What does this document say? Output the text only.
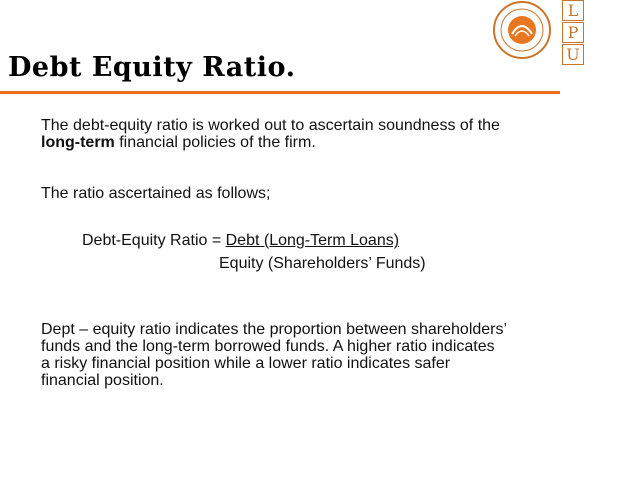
L
P
U
Debt Equity Ratio.
The debt-equity ratio is worked out to ascertain soundness of the
long-term financial policies of the firm.
The ratio ascertained as follows;
Debt-Equity Ratio = Debt (Long-Term Loans)
Equity (Shareholders’ Funds)
Dept – equity ratio indicates the proportion between shareholders’
funds and the long-term borrowed funds. A higher ratio indicates
a risky financial position while a lower ratio indicates safer
financial position.
